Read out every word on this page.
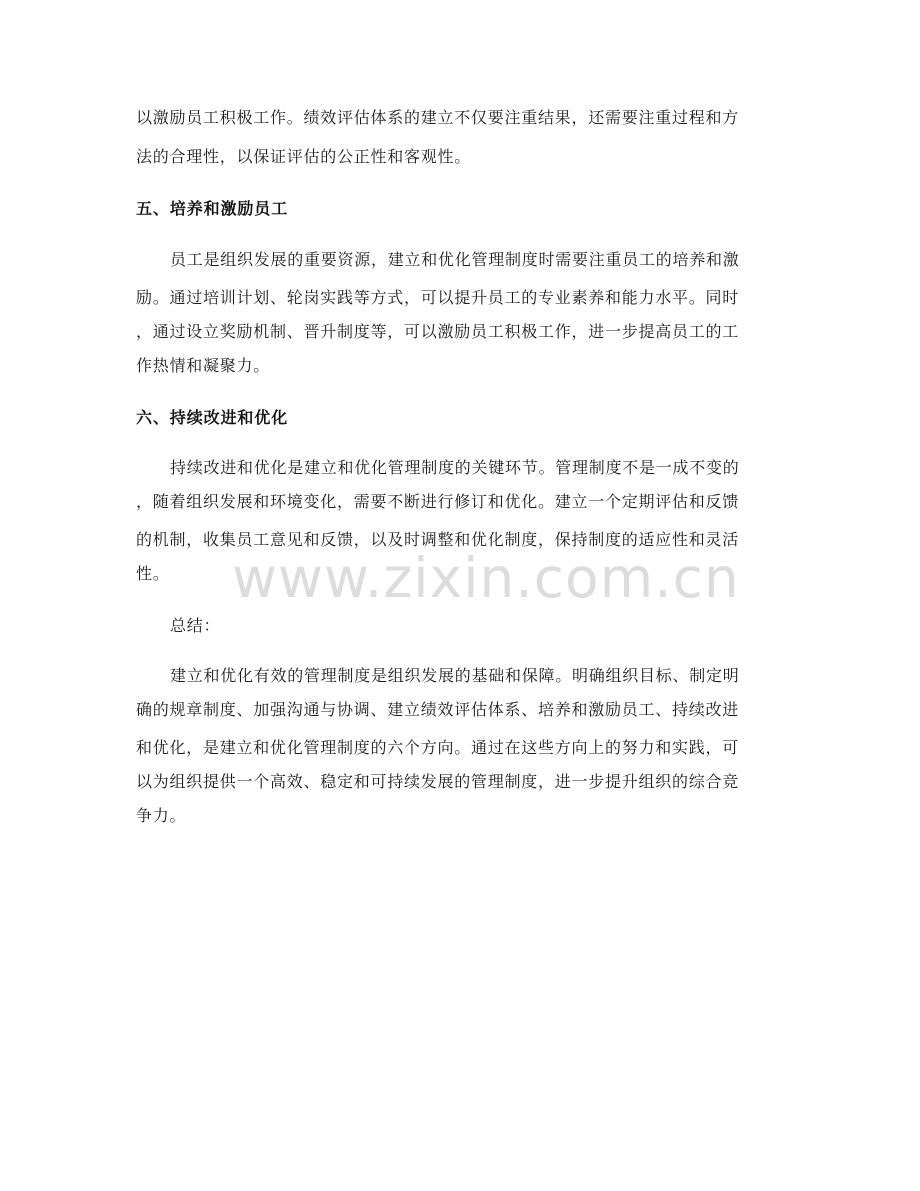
以激励员工积极工作。绩效评估体系的建立不仅要注重结果，还需要注重过程和方

法的合理性，以保证评估的公正性和客观性。

五、培养和激励员工

员工是组织发展的重要资源，建立和优化管理制度时需要注重员工的培养和激

励。通过培训计划、轮岗实践等方式，可以提升员工的专业素养和能力水平。同时

，通过设立奖励机制、晋升制度等，可以激励员工积极工作，进一步提高员工的工

作热情和凝聚力。

六、持续改进和优化

持续改进和优化是建立和优化管理制度的关键环节。管理制度不是一成不变的

，随着组织发展和环境变化，需要不断进行修订和优化。建立一个定期评估和反馈

的机制，收集员工意见和反馈，以及时调整和优化制度，保持制度的适应性和灵活

性。

总结：

建立和优化有效的管理制度是组织发展的基础和保障。明确组织目标、制定明

确的规章制度、加强沟通与协调、建立绩效评估体系、培养和激励员工、持续改进

和优化，是建立和优化管理制度的六个方向。通过在这些方向上的努力和实践，可

以为组织提供一个高效、稳定和可持续发展的管理制度，进一步提升组织的综合竞

争力。

www.zixin.com.cn
